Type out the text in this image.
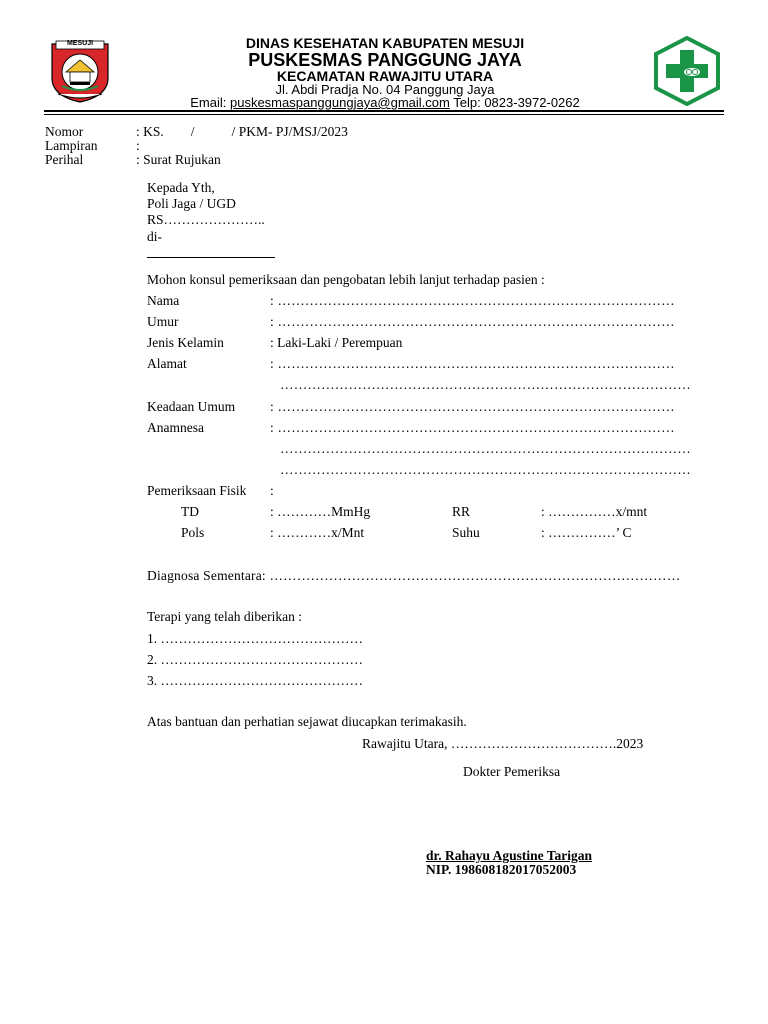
MESUJI	DINAS KESEHATAN KABUPATEN MESUJI
PUSKESMAS PANGGUNG JAYA
KECAMATAN RAWAJITU UTARA
Jl. Abdi Pradja No. 04 Panggung Jaya
Email: puskesmaspanggungjaya@gmail.com Telp: 0823-3972-0262
Nomor	: KS.        /           / PKM- PJ/MSJ/2023
Lampiran	:
Perihal	: Surat Rujukan
Kepada Yth,
Poli Jaga / UGD
RS…………………..
di-
Mohon konsul pemeriksaan dan pengobatan lebih lanjut terhadap pasien :
Nama	: ……………………………………………………………………………
Umur	: ……………………………………………………………………………
Jenis Kelamin	: Laki-Laki / Perempuan
Alamat	: ……………………………………………………………………………
………………………………………………………………………………
Keadaan Umum	: ……………………………………………………………………………
Anamnesa	: ……………………………………………………………………………
………………………………………………………………………………
………………………………………………………………………………
Pemeriksaan Fisik :
TD	: …………MmHg	RR	: ……………x/mnt
Pols	: …………x/Mnt	Suhu	: ……………’ C
Diagnosa Sementara: ………………………………………………………………………………
Terapi yang telah diberikan :
1. ………………………………………
2. ………………………………………
3. ………………………………………
Atas bantuan dan perhatian sejawat diucapkan terimakasih.
Rawajitu Utara, ……………………………….2023
Dokter Pemeriksa
dr. Rahayu Agustine Tarigan
NIP. 198608182017052003
